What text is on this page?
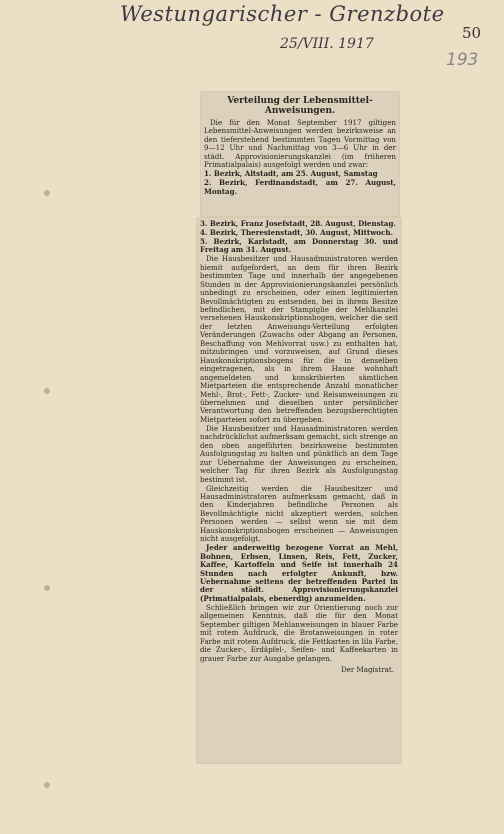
Westungarischer - Grenzbote
25/VIII. 1917
50
193
Verteilung der Lebensmittel-Anweisungen.

Die für den Monat September 1917 giltigen Lebensmittel-Anweisungen werden bezirksweise an den tieferstehend bestimmten Tagen Vormittag von 9—12 Uhr und Nachmittag von 3—6 Uhr in der städt. Approvisionierungskanzlei (im früheren Primatialpalais) ausgefolgt werden und zwar:

1. Bezirk, Altstadt, am 25. August, Samstag

2. Bezirk, Ferdinandstadt, am 27. August, Montag.

3. Bezirk, Franz Josefstadt, 28. August, Dienstag.

4. Bezirk, Theresienstadt, 30. August, Mittwoch.

5. Bezirk, Karlstadt, am Donnerstag 30. und Freitag am 31. August.

Die Hausbesitzer und Hausadministratoren werden hiemit aufgefordert, an dem für ihren Bezirk bestimmten Tage und innerhalb der angegebenen Stunden in der Approvisionierungskanzlei persönlich unbedingt zu erscheinen, oder einen legitimierten Bevollmächtigten zu entsenden, bei in ihrem Besitze befindlichen, mit der Stampiglie der Mehlkanzlei versehenen Hauskonskriptionsbogen, welcher die seit der letzten Anweisungs-Verteilung erfolgten Veränderungen (Zuwachs oder Abgang an Personen, Beschaffung von Mehlvorrat usw.) zu enthalten hat, mitzubringen und vorzuweisen, auf Grund dieses Hauskonskriptionsbogens für die in denselben eingetragenen, als in ihrem Hause wohnhaft angemeldeten und konskribierten sämtlichen Mietparteien die entsprechende Anzahl monatlicher Mehl-, Brot-, Fett-, Zucker- und Reisanweisungen zu übernehmen und dieselben unter persönlicher Verantwortung den betreffenden bezugsberechtigten Mietparteien sofort zu übergeben.

Die Hausbesitzer und Hausadministratoren werden nachdrücklichst aufmerksam gemacht, sich strenge an den oben angeführten bezirksweise bestimmten Ausfolgungstag zu halten und pünktlich an dem Tage zur Uebernahme der Anweisungen zu erscheinen, welcher Tag für ihren Bezirk als Ausfolgungstag bestimmt ist.

Gleichzeitig werden die Hausbesitzer und Hausadministratoren aufmerksam gemacht, daß in den Kinderjahren befindliche Personen als Bevollmächtigte nicht akzeptiert werden, solchen Personen werden — selbst wenn sie mit dem Hauskonskriptionsbogen erscheinen — Anweisungen nicht ausgefolgt.

Jeder anderweitig bezogene Vorrat an Mehl, Bohnen, Erbsen, Linsen, Reis, Fett, Zucker, Kaffee, Kartoffeln und Seife ist innerhalb 24 Stunden nach erfolgter Ankunft, bzw. Uebernahme seitens der betreffenden Partei in der städt. Approvisionierungskanzlei (Primatialpalais, ebenerdig) anzumelden.

Schließlich bringen wir zur Orientierung noch zur allgemeinen Kenntnis, daß die für den Monat September giltigen Mehlanweisungen in blauer Farbe mit rotem Aufdruck, die Brotanweisungen in roter Farbe mit rotem Aufdruck, die Fettkarten in lila Farbe, die Zucker-, Erdäpfel-, Seifen- und Kaffeekarten in grauer Farbe zur Ausgabe gelangen.

Der Magistrat.
